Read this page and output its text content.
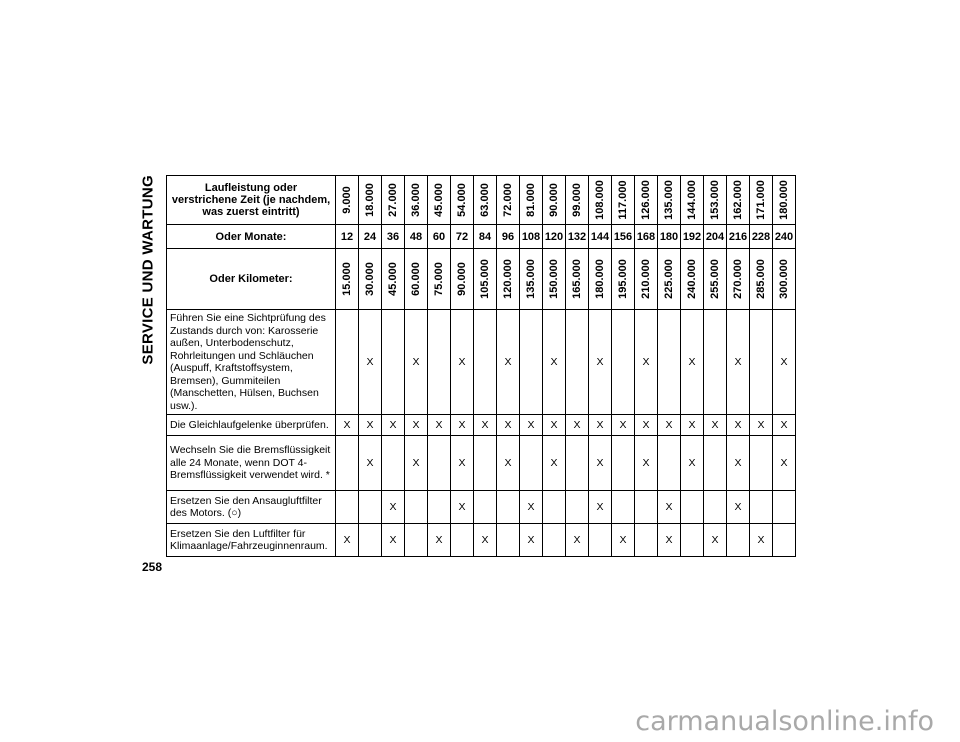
SERVICE UND WARTUNG	Laufleistung oder verstrichene Zeit (je nachdem, was zuerst eintritt)	9.000	18.000	27.000	36.000	45.000	54.000	63.000	72.000	81.000	90.000	99.000	108.000	117.000	126.000	135.000	144.000	153.000	162.000	171.000	180.000

Oder Monate:	12	24	36	48	60	72	84	96	108	120	132	144	156	168	180	192	204	216	228	240
Oder Kilometer:	15.000	30.000	45.000	60.000	75.000	90.000	105.000	120.000	135.000	150.000	165.000	180.000	195.000	210.000	225.000	240.000	255.000	270.000	285.000	300.000

Führen Sie eine Sichtprüfung des Zustands durch von: Karosserie außen, Unterbodenschutz, Rohrleitungen und Schläuchen (Auspuff, Kraftstoffsystem, Bremsen), Gummiteilen (Manschetten, Hülsen, Buchsen usw.).		X		X		X		X		X		X		X		X		X		X
Die Gleichlaufgelenke überprüfen.	X	X	X	X	X	X	X	X	X	X	X	X	X	X	X	X	X	X	X	X
Wechseln Sie die Bremsflüssigkeit alle 24 Monate, wenn DOT 4-Bremsflüssigkeit verwendet wird. *		X		X		X		X		X		X		X		X		X		X
Ersetzen Sie den Ansaugluftfilter des Motors. (○)			X			X			X			X			X			X		
Ersetzen Sie den Luftfilter für Klimaanlage/Fahrzeuginnenraum.	X		X		X		X		X		X		X		X		X		X	
258
carmanualsonline.info
